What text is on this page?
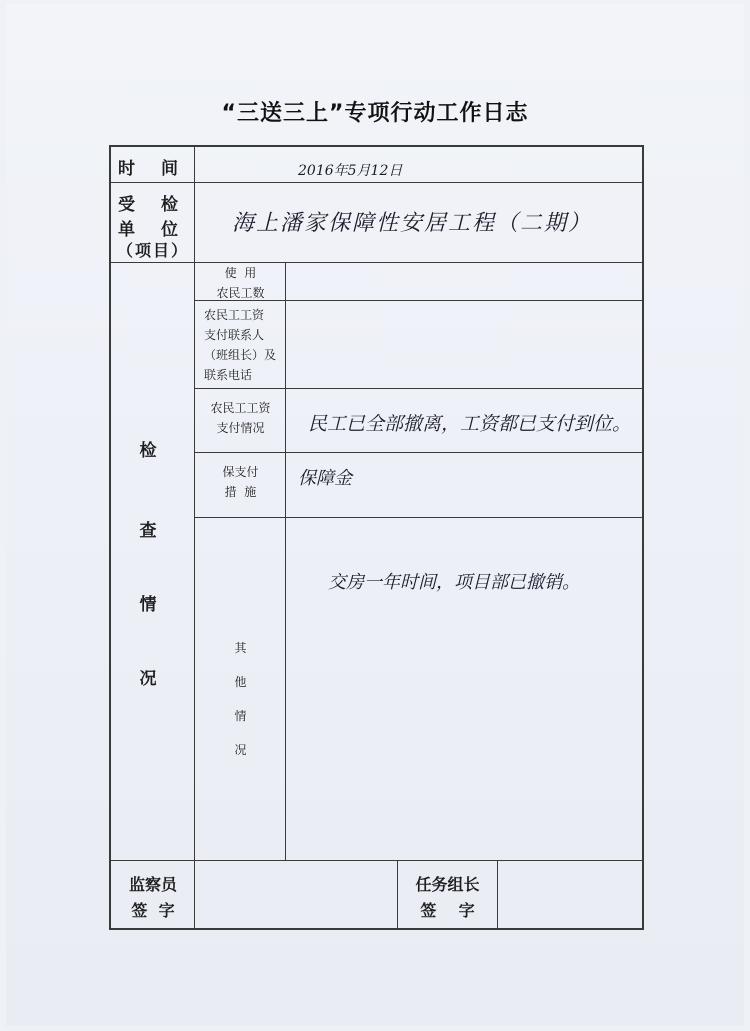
“三送三上”专项行动工作日志

时 间
受 检
单 位
（项目）
检
查
情
况
使  用
农民工数
农民工工资
支付联系人
（班组长）及
联系电话
农民工工资
支付情况
保支付
措  施
其

他

情

况
监察员
签  字
任务组长
签    字
2016年5月12日
海上潘家保障性安居工程（二期）
民工已全部撤离，工资都已支付到位。
保障金
交房一年时间，项目部已撤销。
